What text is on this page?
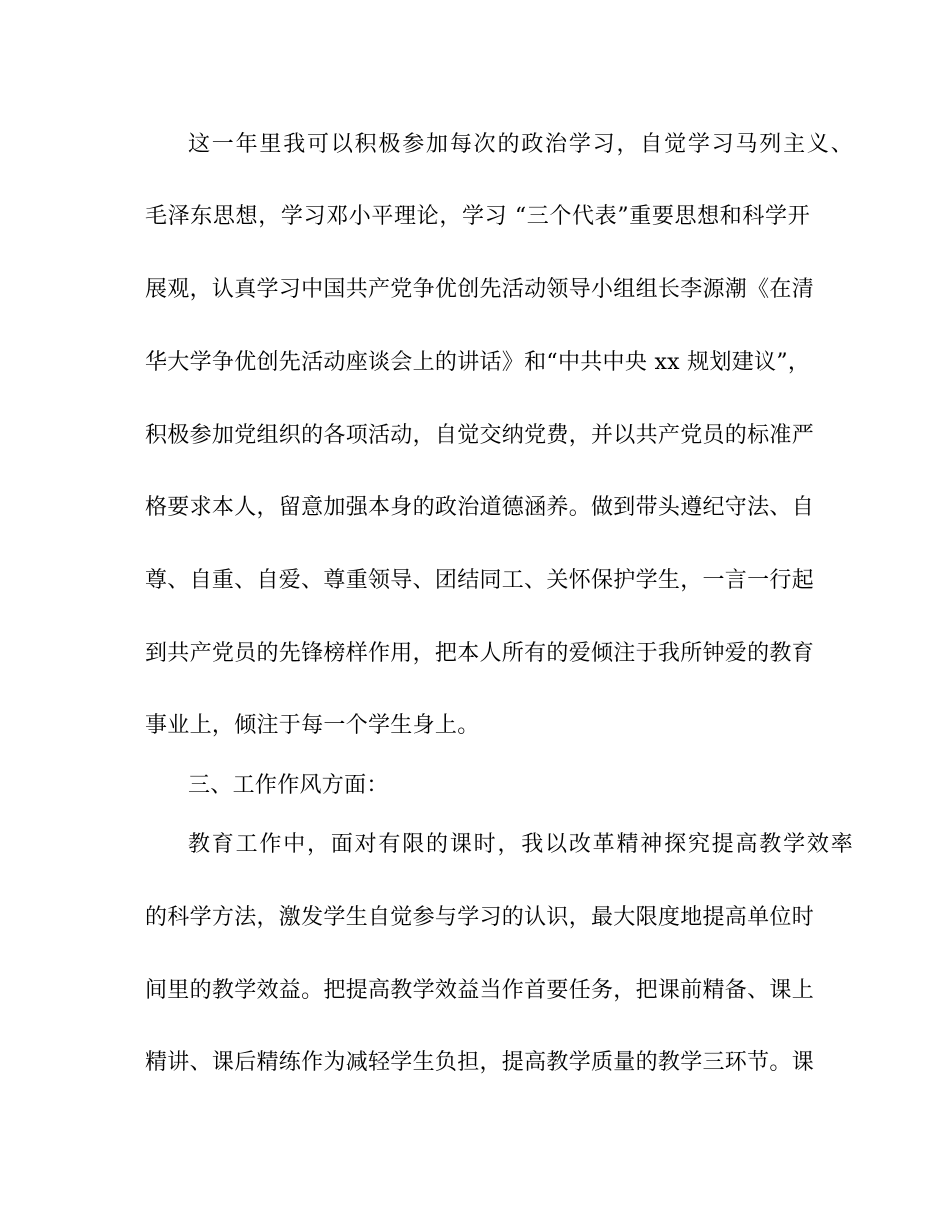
这一年里我可以积极参加每次的政治学习，自觉学习马列主义、
毛泽东思想，学习邓小平理论，学习 “三个代表”重要思想和科学开
展观，认真学习中国共产党争优创先活动领导小组组长李源潮《在清
华大学争优创先活动座谈会上的讲话》和“中共中央 xx 规划建议”，
积极参加党组织的各项活动，自觉交纳党费，并以共产党员的标准严
格要求本人，留意加强本身的政治道德涵养。做到带头遵纪守法、自
尊、自重、自爱、尊重领导、团结同工、关怀保护学生，一言一行起
到共产党员的先锋榜样作用，把本人所有的爱倾注于我所钟爱的教育
事业上，倾注于每一个学生身上。
三、工作作风方面：
教育工作中，面对有限的课时，我以改革精神探究提高教学效率
的科学方法，激发学生自觉参与学习的认识，最大限度地提高单位时
间里的教学效益。把提高教学效益当作首要任务，把课前精备、课上
精讲、课后精练作为减轻学生负担，提高教学质量的教学三环节。课
